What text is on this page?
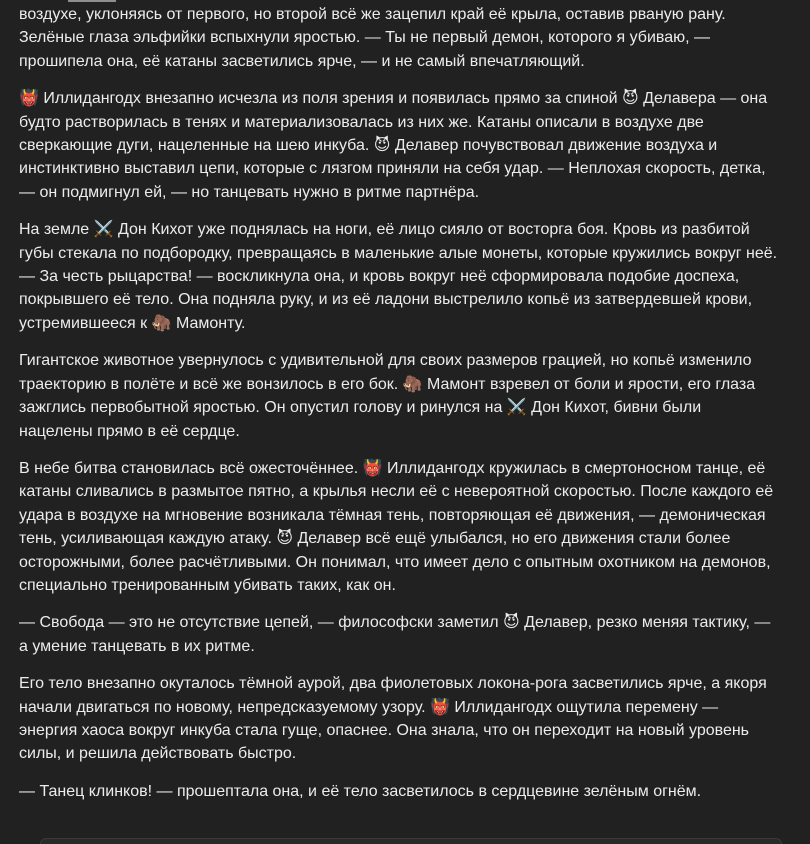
воздухе, уклоняясь от первого, но второй всё же зацепил край её крыла, оставив рваную рану. Зелёные глаза эльфийки вспыхнули яростью. — Ты не первый демон, которого я убиваю, — прошипела она, её катаны засветились ярче, — и не самый впечатляющий.

👹 Иллидангодх внезапно исчезла из поля зрения и появилась прямо за спиной 😈 Делавера — она будто растворилась в тенях и материализовалась из них же. Катаны описали в воздухе две сверкающие дуги, нацеленные на шею инкуба. 😈 Делавер почувствовал движение воздуха и инстинктивно выставил цепи, которые с лязгом приняли на себя удар. — Неплохая скорость, детка, — он подмигнул ей, — но танцевать нужно в ритме партнёра.

На земле ⚔️ Дон Кихот уже поднялась на ноги, её лицо сияло от восторга боя. Кровь из разбитой губы стекала по подбородку, превращаясь в маленькие алые монеты, которые кружились вокруг неё. — За честь рыцарства! — воскликнула она, и кровь вокруг неё сформировала подобие доспеха, покрывшего её тело. Она подняла руку, и из её ладони выстрелило копьё из затвердевшей крови, устремившееся к 🦣 Мамонту.

Гигантское животное увернулось с удивительной для своих размеров грацией, но копьё изменило траекторию в полёте и всё же вонзилось в его бок. 🦣 Мамонт взревел от боли и ярости, его глаза зажглись первобытной яростью. Он опустил голову и ринулся на ⚔️ Дон Кихот, бивни были нацелены прямо в её сердце.

В небе битва становилась всё ожесточённее. 👹 Иллидангодх кружилась в смертоносном танце, её катаны сливались в размытое пятно, а крылья несли её с невероятной скоростью. После каждого её удара в воздухе на мгновение возникала тёмная тень, повторяющая её движения, — демоническая тень, усиливающая каждую атаку. 😈 Делавер всё ещё улыбался, но его движения стали более осторожными, более расчётливыми. Он понимал, что имеет дело с опытным охотником на демонов, специально тренированным убивать таких, как он.

— Свобода — это не отсутствие цепей, — философски заметил 😈 Делавер, резко меняя тактику, — а умение танцевать в их ритме.

Его тело внезапно окуталось тёмной аурой, два фиолетовых локона-рога засветились ярче, а якоря начали двигаться по новому, непредсказуемому узору. 👹 Иллидангодх ощутила перемену — энергия хаоса вокруг инкуба стала гуще, опаснее. Она знала, что он переходит на новый уровень силы, и решила действовать быстро.

— Танец клинков! — прошептала она, и её тело засветилось в сердцевине зелёным огнём.
